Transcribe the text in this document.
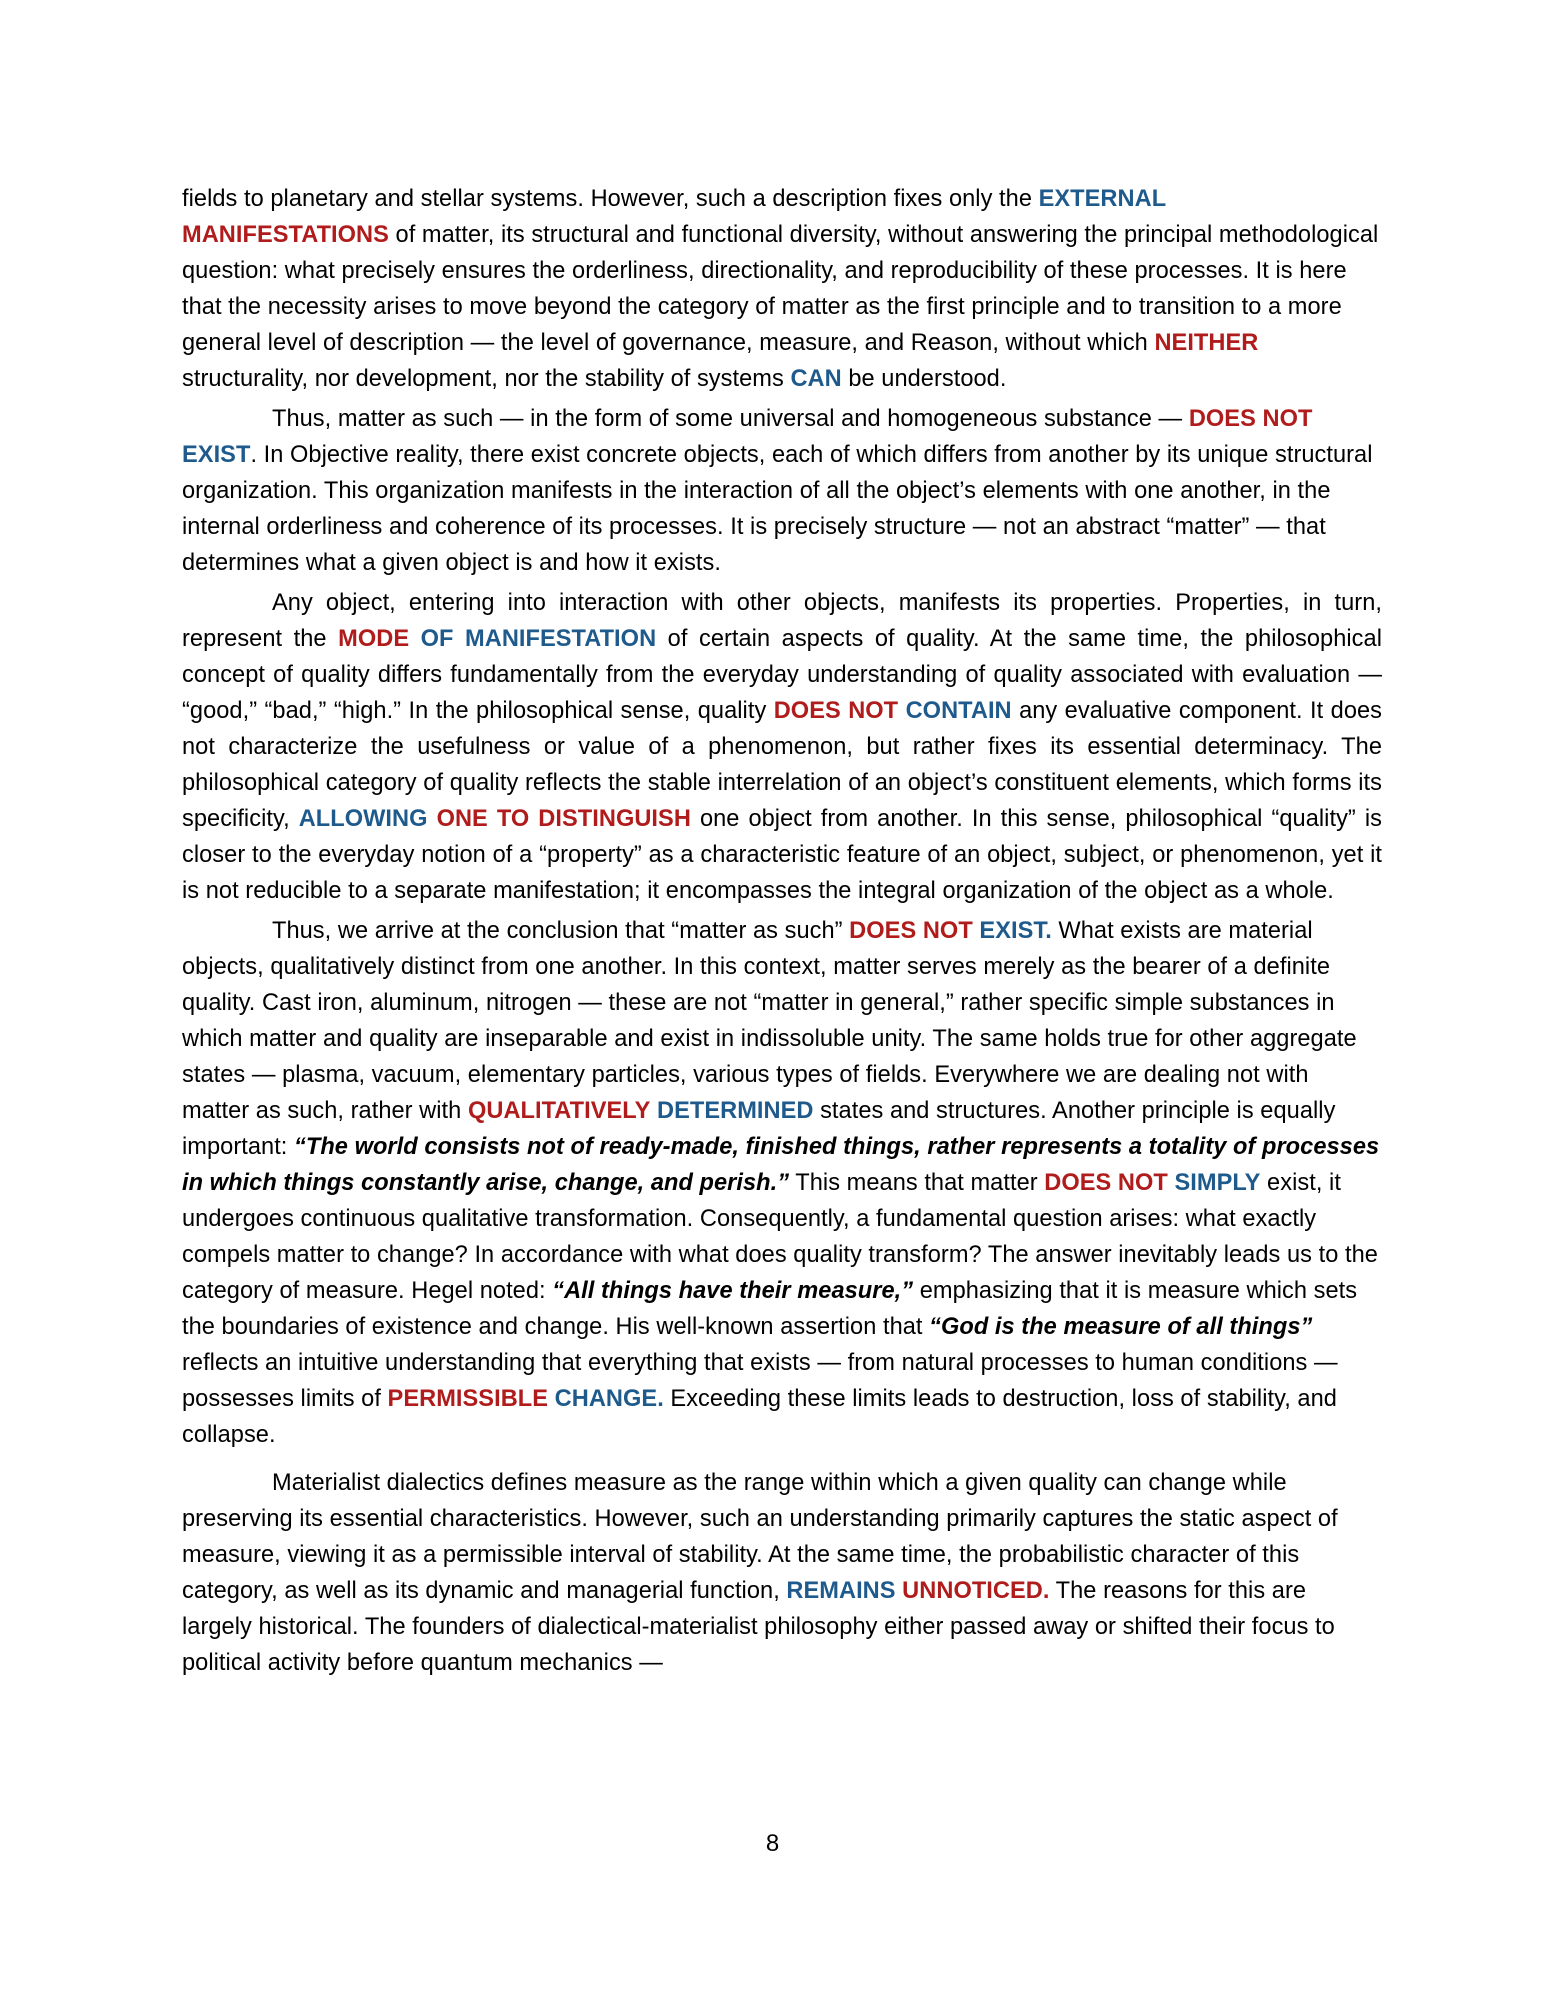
fields to planetary and stellar systems. However, such a description fixes only the EXTERNAL
MANIFESTATIONS of matter, its structural and functional diversity, without answering the principal methodological question: what precisely ensures the orderliness, directionality, and reproducibility of these processes. It is here that the necessity arises to move beyond the category of matter as the first principle and to transition to a more general level of description — the level of governance, measure, and Reason, without which NEITHER structurality, nor development, nor the stability of systems CAN be understood.

Thus, matter as such — in the form of some universal and homogeneous substance — DOES NOT EXIST. In Objective reality, there exist concrete objects, each of which differs from another by its unique structural organization. This organization manifests in the interaction of all the object’s elements with one another, in the internal orderliness and coherence of its processes. It is precisely structure — not an abstract “matter” — that determines what a given object is and how it exists.

Any object, entering into interaction with other objects, manifests its properties. Properties, in turn, represent the MODE OF MANIFESTATION of certain aspects of quality. At the same time, the philosophical concept of quality differs fundamentally from the everyday understanding of quality associated with evaluation — “good,” “bad,” “high.” In the philosophical sense, quality DOES NOT CONTAIN any evaluative component. It does not characterize the usefulness or value of a phenomenon, but rather fixes its essential determinacy. The philosophical category of quality reflects the stable interrelation of an object’s constituent elements, which forms its specificity, ALLOWING ONE TO DISTINGUISH one object from another. In this sense, philosophical “quality” is closer to the everyday notion of a “property” as a characteristic feature of an object, subject, or phenomenon, yet it is not reducible to a separate manifestation; it encompasses the integral organization of the object as a whole.

Thus, we arrive at the conclusion that “matter as such” DOES NOT EXIST. What exists are material objects, qualitatively distinct from one another. In this context, matter serves merely as the bearer of a definite quality. Cast iron, aluminum, nitrogen — these are not “matter in general,” rather specific simple substances in which matter and quality are inseparable and exist in indissoluble unity. The same holds true for other aggregate states — plasma, vacuum, elementary particles, various types of fields. Everywhere we are dealing not with matter as such, rather with QUALITATIVELY DETERMINED states and structures. Another principle is equally important: “The world consists not of ready-made, finished things, rather represents a totality of processes in which things constantly arise, change, and perish.” This means that matter DOES NOT SIMPLY exist, it undergoes continuous qualitative transformation. Consequently, a fundamental question arises: what exactly compels matter to change? In accordance with what does quality transform? The answer inevitably leads us to the category of measure. Hegel noted: “All things have their measure,” emphasizing that it is measure which sets the boundaries of existence and change. His well-known assertion that “God is the measure of all things” reflects an intuitive understanding that everything that exists — from natural processes to human conditions — possesses limits of PERMISSIBLE CHANGE. Exceeding these limits leads to destruction, loss of stability, and collapse.

Materialist dialectics defines measure as the range within which a given quality can change while preserving its essential characteristics. However, such an understanding primarily captures the static aspect of measure, viewing it as a permissible interval of stability. At the same time, the probabilistic character of this category, as well as its dynamic and managerial function, REMAINS UNNOTICED. The reasons for this are largely historical. The founders of dialectical-materialist philosophy either passed away or shifted their focus to political activity before quantum mechanics —

8
